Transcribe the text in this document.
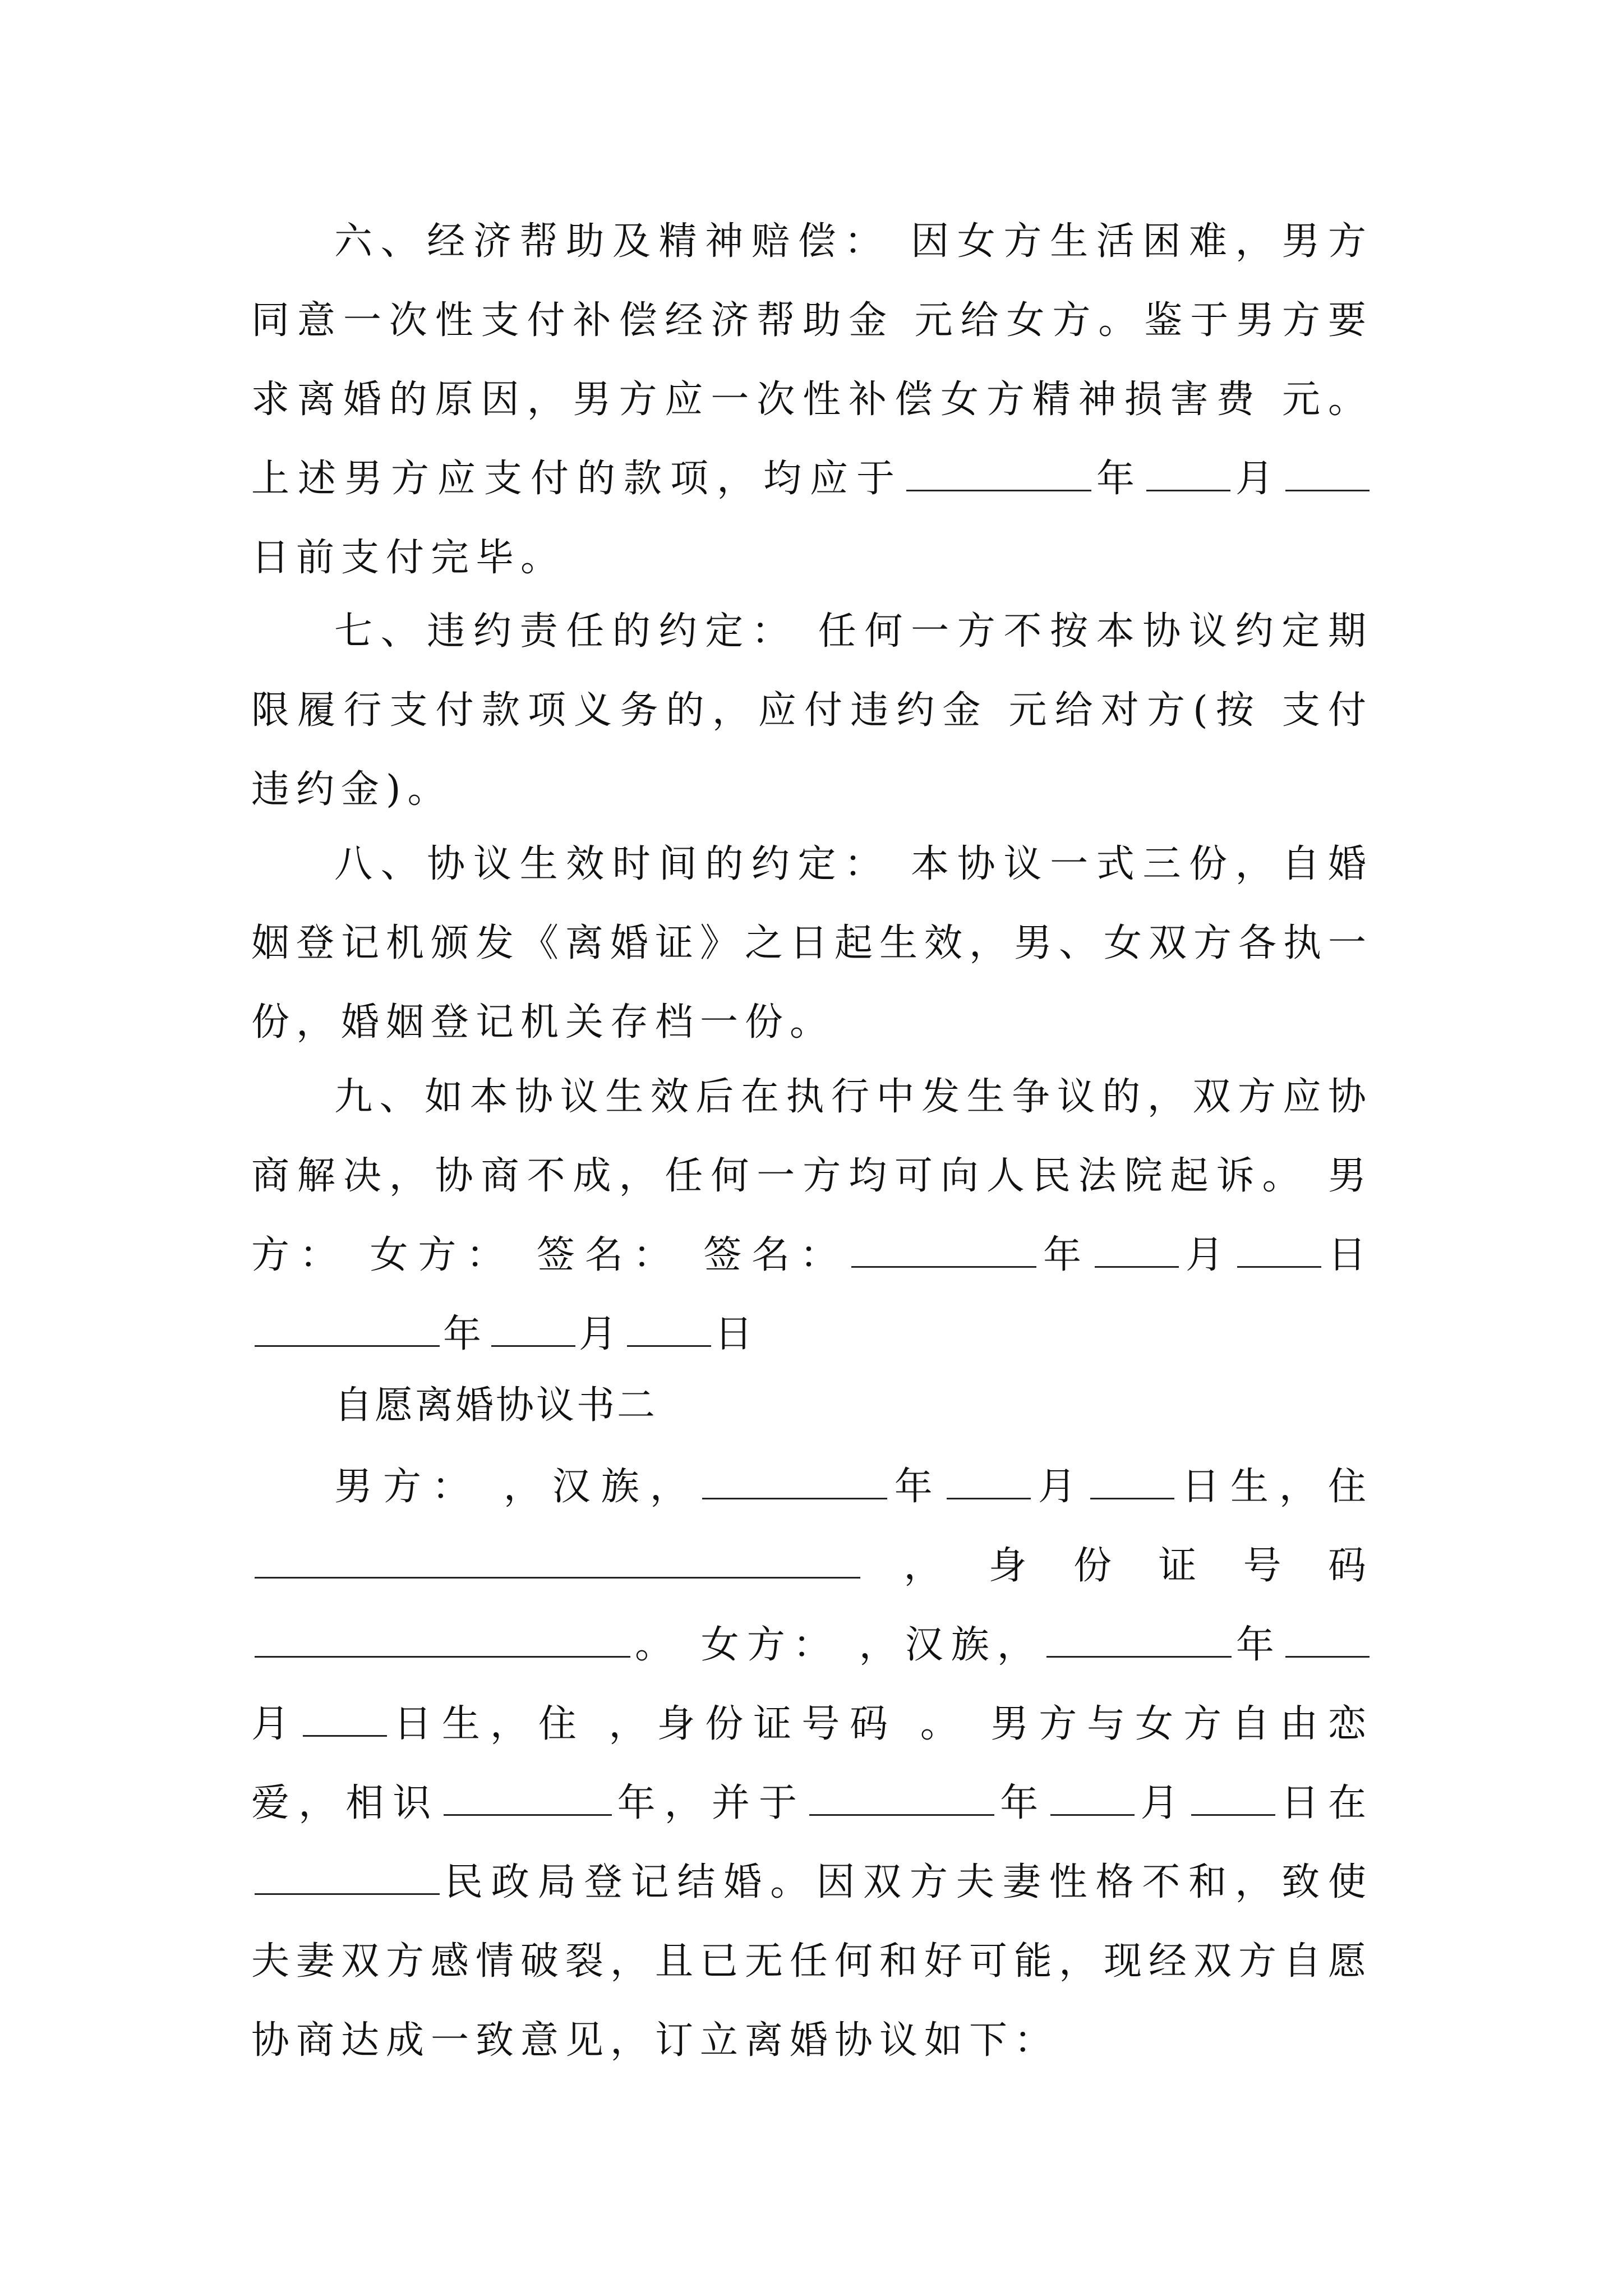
六、经济帮助及精神赔偿： 因女方生活困难，男方同意一次性支付补偿经济帮助金 元给女方。鉴于男方要求离婚的原因，男方应一次性补偿女方精神损害费 元。上述男方应支付的款项，均应于	年 月日前支付完毕。

七、违约责任的约定： 任何一方不按本协议约定期限履行支付款项义务的，应付违约金 元给对方(按 支付违约金)。

八、协议生效时间的约定： 本协议一式三份，自婚姻登记机颁发《离婚证》之日起生效，男、女双方各执一份，婚姻登记机关存档一份。

九、如本协议生效后在执行中发生争议的，双方应协商解决，协商不成，任何一方均可向人民法院起诉。 男方： 女方： 签名： 签名：	年 月 日年 月 日

自愿离婚协议书二

男方： ，汉族，	年 月 日生，住，身份证号码。 女方： ，汉族，	年月 日生，住 ，身份证号码 。 男方与女方自由恋爱，相识	年，并于	年 月 日在民政局登记结婚。因双方夫妻性格不和，致使夫妻双方感情破裂，且已无任何和好可能，现经双方自愿协商达成一致意见，订立离婚协议如下：
